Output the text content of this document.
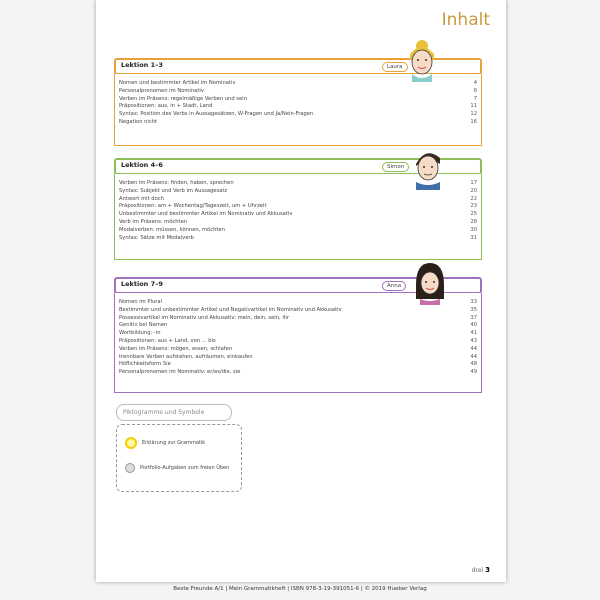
Inhalt
Lektion 1–3
Nomen und bestimmter Artikel im Nominativ	4
Personalpronomen im Nominativ	6
Verben im Präsens: regelmäßige Verben und sein	7
Präpositionen: aus, in + Stadt, Land	11
Syntax: Position des Verbs in Aussagesätzen, W-Fragen und Ja/Nein-Fragen	12
Negation nicht	16
Laura
Lektion 4–6
Verben im Präsens: finden, haben, sprechen	17
Syntax: Subjekt und Verb im Aussagesatz	20
Antwort mit doch	22
Präpositionen: am + Wochentag/Tageszeit, um + Uhrzeit	23
Unbestimmter und bestimmter Artikel im Nominativ und Akkusativ	25
Verb im Präsens: möchten	28
Modalverben: müssen, können, möchten	30
Syntax: Sätze mit Modalverb	31
Simon
Lektion 7–9
Nomen im Plural	33
Bestimmter und unbestimmter Artikel und Negativartikel im Nominativ und Akkusativ	35
Possessivartikel im Nominativ und Akkusativ: mein, dein, sein, ihr	37
Genitiv bei Namen	40
Wortbildung: -in	41
Präpositionen: aus + Land, von ... bis	43
Verben im Präsens: mögen, essen, schlafen	44
trennbare Verben aufstehen, aufräumen, einkaufen	44
Höflichkeitsform Sie	48
Personalpronomen im Nominativ: er/es/die, sie	49
Anna
Piktogramme und Symbole
Erklärung zur Grammatik
Portfolio-Aufgaben zum freien Üben
drei 3
Beste Freunde A/1 | Mein Grammatikheft | ISBN 978-3-19-391051-6 | © 2019 Hueber Verlag
